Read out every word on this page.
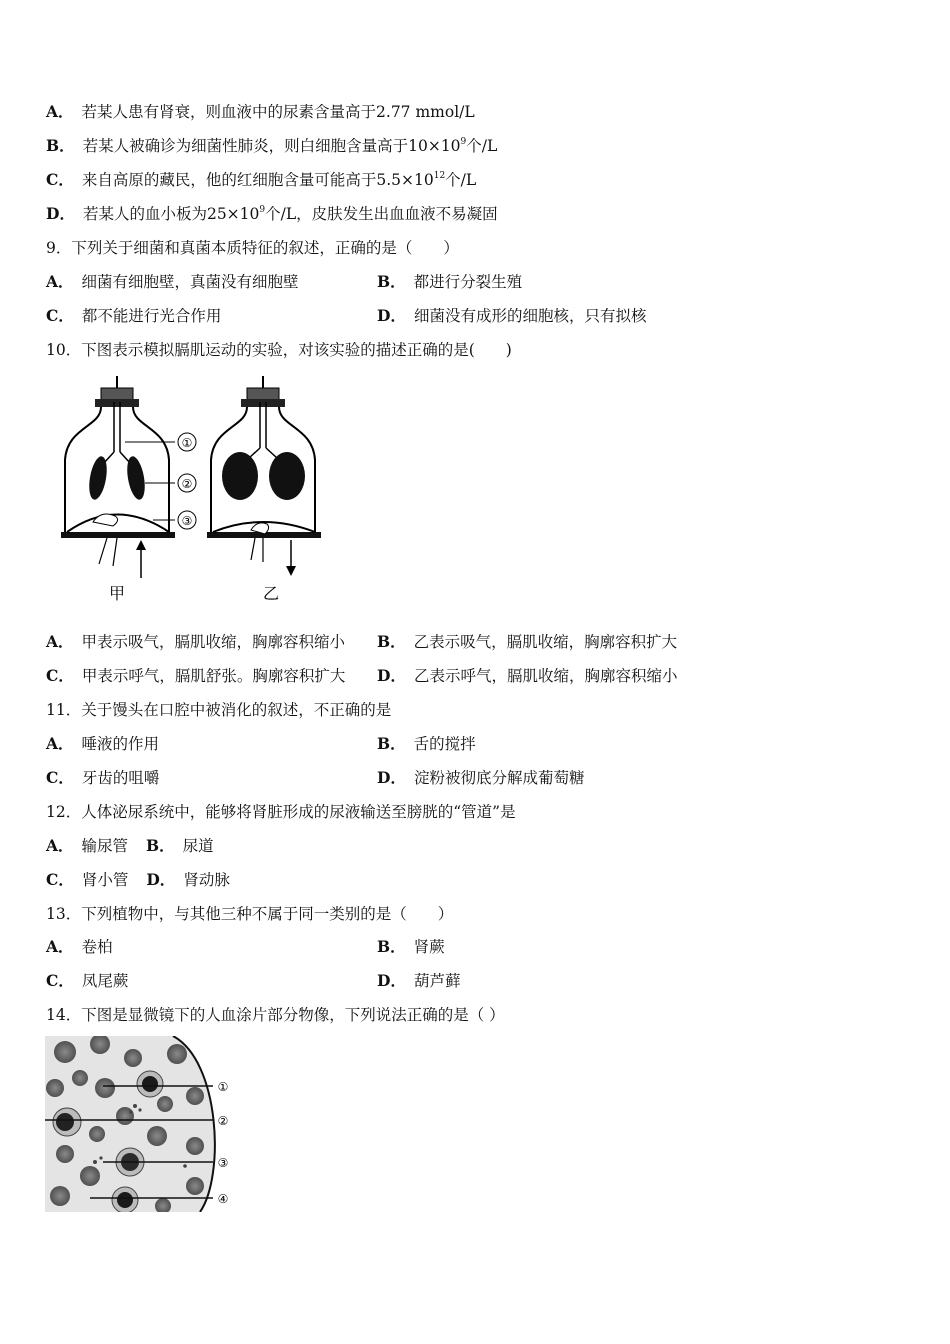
A． 若某人患有肾衰，则血液中的尿素含量高于2.77 mmol/L
B． 若某人被确诊为细菌性肺炎，则白细胞含量高于$10\times 10^9$个/L
C． 来自高原的藏民，他的红细胞含量可能高于$5.5\times 10^{12}$个/L
D． 若某人的血小板为$25\times 10^9$个/L，皮肤发生出血血液不易凝固
9．下列关于细菌和真菌本质特征的叙述，正确的是（　　）
A． 细菌有细胞壁，真菌没有细胞壁	B． 都进行分裂生殖
C． 都不能进行光合作用	D． 细菌没有成形的细胞核，只有拟核
10．下图表示模拟膈肌运动的实验，对该实验的描述正确的是(　　)
①
②
③
甲	乙
A． 甲表示吸气，膈肌收缩，胸廓容积缩小 B． 乙表示吸气，膈肌收缩，胸廓容积扩大
C． 甲表示呼气，膈肌舒张。胸廓容积扩大 D． 乙表示呼气，膈肌收缩，胸廓容积缩小
11．关于馒头在口腔中被消化的叙述，不正确的是
A． 唾液的作用	B． 舌的搅拌
C． 牙齿的咀嚼	D． 淀粉被彻底分解成葡萄糖
12．人体泌尿系统中，能够将肾脏形成的尿液输送至膀胱的“管道”是
A． 输尿管 B． 尿道
C． 肾小管 D． 肾动脉
13．下列植物中，与其他三种不属于同一类别的是（　　）
A． 卷柏	B． 肾蕨
C． 凤尾蕨	D． 葫芦藓
14．下图是显微镜下的人血涂片部分物像，下列说法正确的是（ ）
①
②
③
④
